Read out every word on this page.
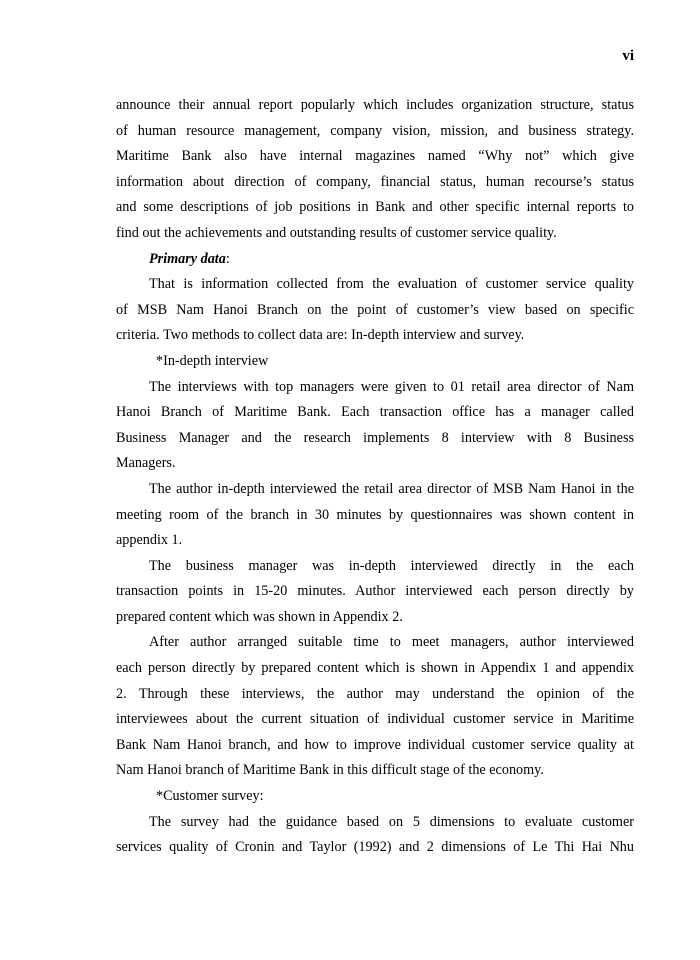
vi
announce their annual report popularly which includes organization structure, status
of human resource management, company vision, mission, and business strategy.
Maritime Bank also have internal magazines named “Why not” which give
information about direction of company, financial status, human recourse’s status
and some descriptions of job positions in Bank and other specific internal reports to
find out the achievements and outstanding results of customer service quality.
Primary data:
That is information collected from the evaluation of customer service quality
of MSB Nam Hanoi Branch on the point of customer’s view based on specific
criteria. Two methods to collect data are: In-depth interview and survey.
*In-depth interview
The interviews with top managers were given to 01 retail area director of Nam
Hanoi Branch of Maritime Bank. Each transaction office has a manager called
Business Manager and the research implements 8 interview with 8 Business
Managers.
The author in-depth interviewed the retail area director of MSB Nam Hanoi in the
meeting room of the branch in 30 minutes by questionnaires was shown content in
appendix 1.
The business manager was in-depth interviewed directly in the each
transaction points in 15-20 minutes. Author interviewed each person directly by
prepared content which was shown in Appendix 2.
After author arranged suitable time to meet managers, author interviewed
each person directly by prepared content which is shown in Appendix 1 and appendix
2. Through these interviews, the author may understand the opinion of the
interviewees about the current situation of individual customer service in Maritime
Bank Nam Hanoi branch, and how to improve individual customer service quality at
Nam Hanoi branch of Maritime Bank in this difficult stage of the economy.
*Customer survey:
The survey had the guidance based on 5 dimensions to evaluate customer
services quality of Cronin and Taylor (1992) and 2 dimensions of Le Thi Hai Nhu
